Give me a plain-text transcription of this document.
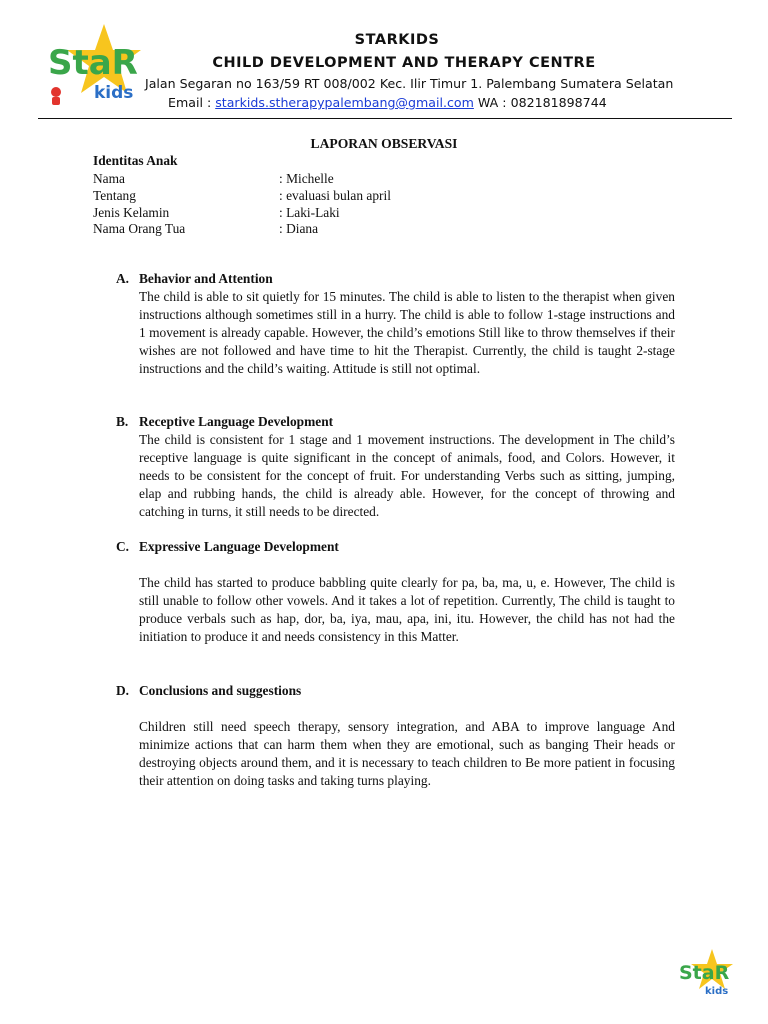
StaR
kids
STARKIDS
CHILD DEVELOPMENT AND THERAPY CENTRE
Jalan Segaran no 163/59 RT 008/002 Kec. Ilir Timur 1. Palembang Sumatera Selatan
Email : starkids.stherapypalembang@gmail.com WA : 082181898744
LAPORAN OBSERVASI
Identitas Anak
Nama	: Michelle
Tentang	: evaluasi bulan april
Jenis Kelamin	: Laki-Laki
Nama Orang Tua	: Diana
A. Behavior and Attention
The child is able to sit quietly for 15 minutes. The child is able to listen to the therapist when given instructions although sometimes still in a hurry. The child is able to follow 1-stage instructions and 1 movement is already capable. However, the child’s emotions Still like to throw themselves if their wishes are not followed and have time to hit the Therapist. Currently, the child is taught 2-stage instructions and the child’s waiting. Attitude is still not optimal.
B. Receptive Language Development
The child is consistent for 1 stage and 1 movement instructions. The development in The child’s receptive language is quite significant in the concept of animals, food, and Colors. However, it needs to be consistent for the concept of fruit. For understanding Verbs such as sitting, jumping, elap and rubbing hands, the child is already able. However, for the concept of throwing and catching in turns, it still needs to be directed.
C. Expressive Language Development
The child has started to produce babbling quite clearly for pa, ba, ma, u, e. However, The child is still unable to follow other vowels. And it takes a lot of repetition. Currently, The child is taught to produce verbals such as hap, dor, ba, iya, mau, apa, ini, itu. However, the child has not had the initiation to produce it and needs consistency in this Matter.
D. Conclusions and suggestions
Children still need speech therapy, sensory integration, and ABA to improve language And minimize actions that can harm them when they are emotional, such as banging Their heads or destroying objects around them, and it is necessary to teach children to Be more patient in focusing their attention on doing tasks and taking turns playing.
StaR
kids
